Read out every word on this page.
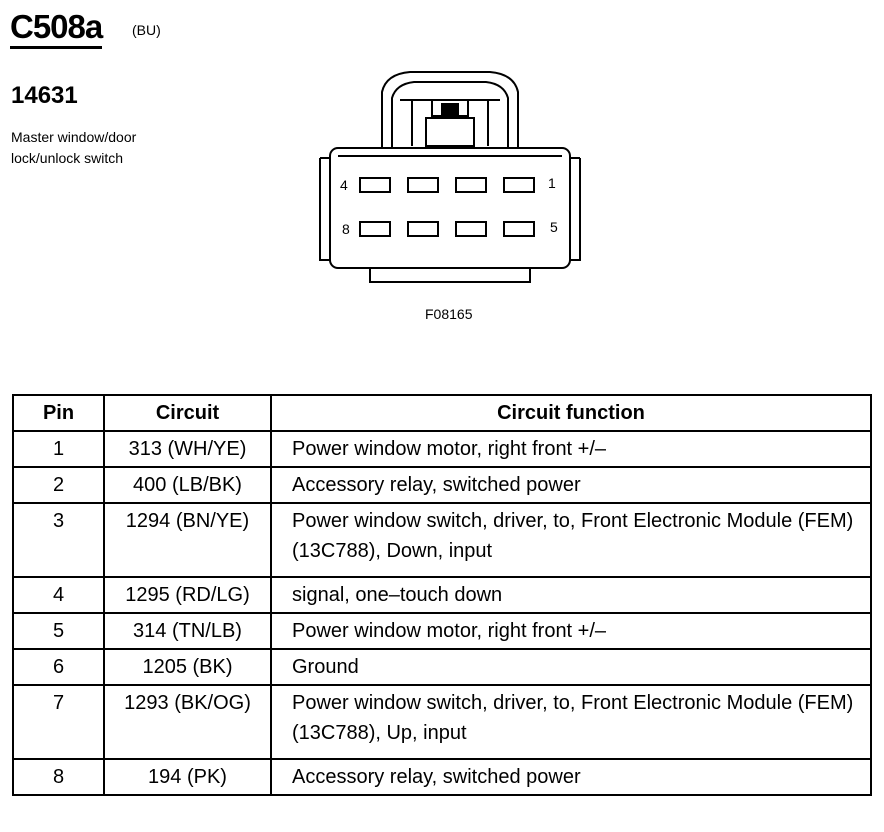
C508a (BU)
14631
Master window/door
lock/unlock switch
4	1
8	5
F08165
Pin	Circuit	Circuit function
1	313 (WH/YE)	Power window motor, right front +/–
2	400 (LB/BK)	Accessory relay, switched power
3	1294 (BN/YE)	Power window switch, driver, to, Front Electronic Module (FEM) (13C788), Down, input
4	1295 (RD/LG)	signal, one–touch down
5	314 (TN/LB)	Power window motor, right front +/–
6	1205 (BK)	Ground
7	1293 (BK/OG)	Power window switch, driver, to, Front Electronic Module (FEM) (13C788), Up, input
8	194 (PK)	Accessory relay, switched power
